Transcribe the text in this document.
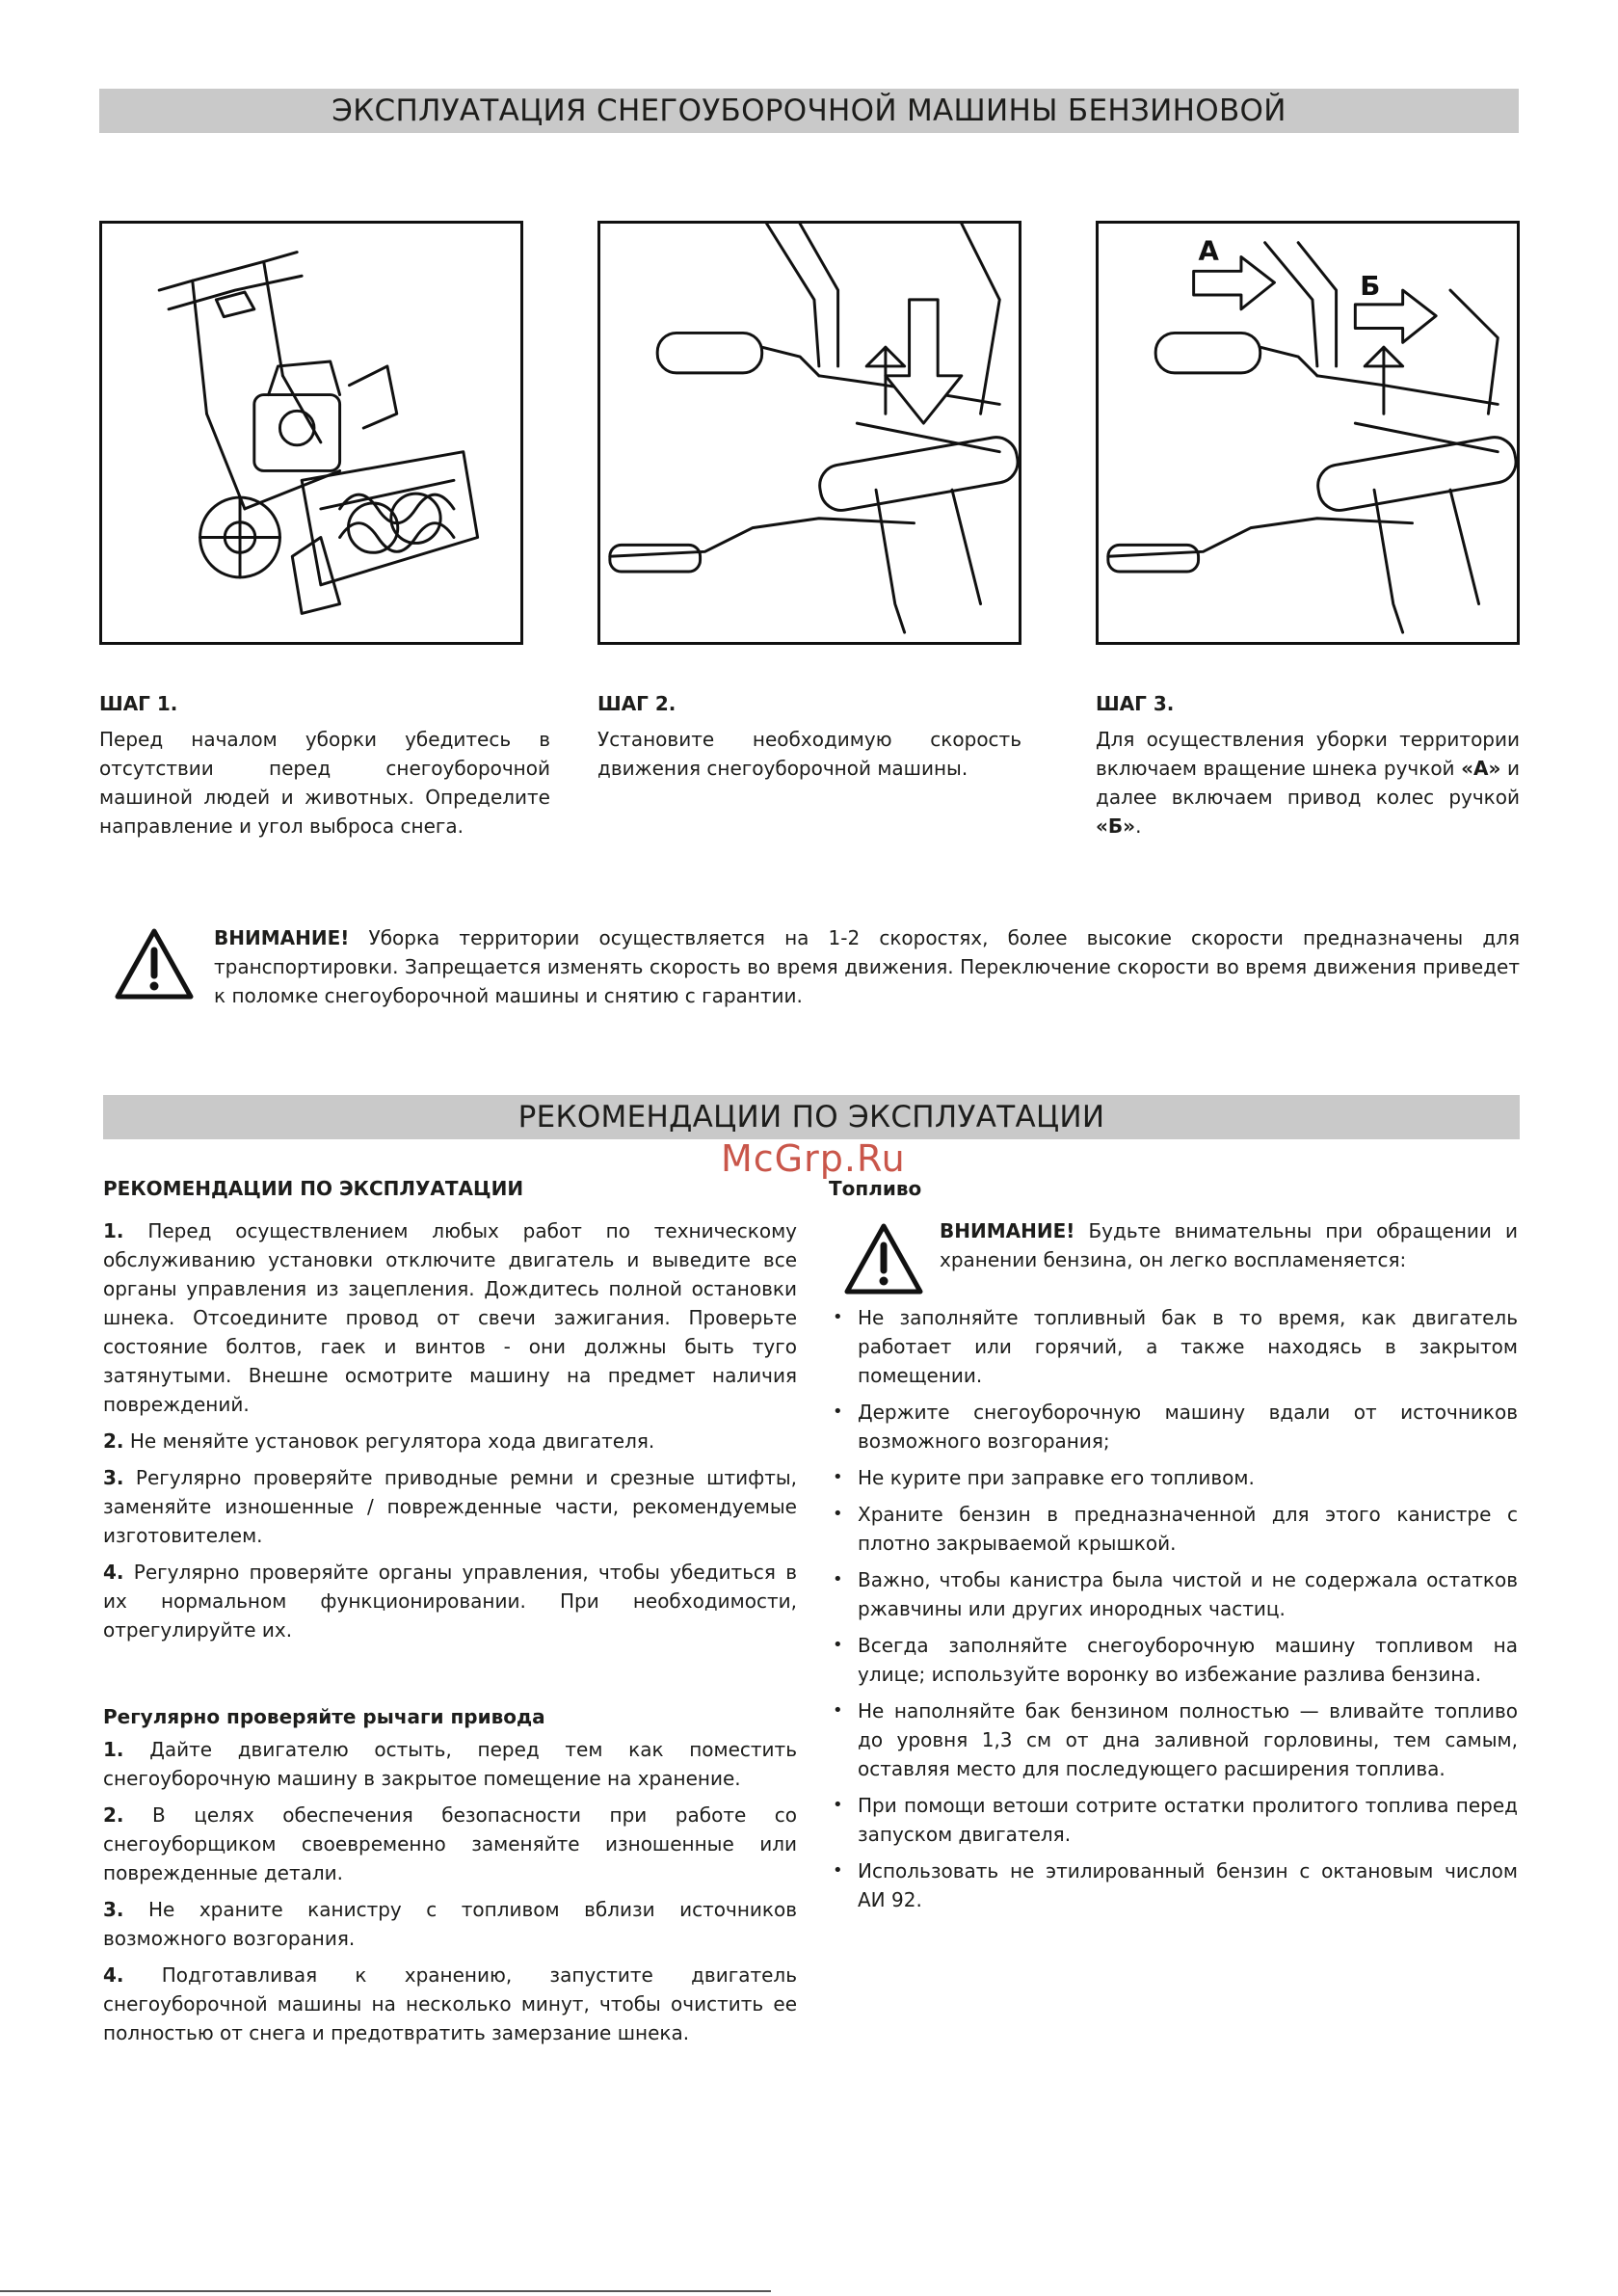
ЭКСПЛУАТАЦИЯ СНЕГОУБОРОЧНОЙ МАШИНЫ БЕНЗИНОВОЙ
А
Б
ШАГ 1.
Перед началом уборки убедитесь в отсутствии перед снегоуборочной машиной людей и животных. Определите направление и угол выброса снега.
ШАГ 2.
Установите необходимую скорость движения снегоуборочной машины.
ШАГ 3.
Для осуществления уборки территории включаем вращение шнека ручкой «А» и далее включаем привод колес ручкой «Б».
ВНИМАНИЕ! Уборка территории осуществляется на 1-2 скоростях, более высокие скорости предназначены для транспортировки. Запрещается изменять скорость во время движения. Переключение скорости во время движения приведет к поломке снегоуборочной машины и снятию с гарантии.
РЕКОМЕНДАЦИИ ПО ЭКСПЛУАТАЦИИ
McGrp.Ru

РЕКОМЕНДАЦИИ ПО ЭКСПЛУАТАЦИИ

1. Перед осуществлением любых работ по техническому обслуживанию установки отключите двигатель и выведите все органы управления из зацепления. Дождитесь полной остановки шнека. Отсоедините провод от свечи зажигания. Проверьте состояние болтов, гаек и винтов - они должны быть туго затянутыми. Внешне осмотрите машину на предмет наличия повреждений.

2. Не меняйте установок регулятора хода двигателя.

3. Регулярно проверяйте приводные ремни и срезные штифты, заменяйте изношенные / поврежденные части, рекомендуемые изготовителем.

4. Регулярно проверяйте органы управления, чтобы убедиться в их нормальном функционировании. При необходимости, отрегулируйте их.

Регулярно проверяйте рычаги привода

1. Дайте двигателю остыть, перед тем как поместить снегоуборочную машину в закрытое помещение на хранение.

2. В целях обеспечения безопасности при работе со снегоуборщиком своевременно заменяйте изношенные или поврежденные детали.

3. Не храните канистру с топливом вблизи источников возможного возгорания.

4. Подготавливая к хранению, запустите двигатель снегоуборочной машины на несколько минут, чтобы очистить ее полностью от снега и предотвратить замерзание шнека.

Топливо

ВНИМАНИЕ! Будьте внимательны при обращении и хранении бензина, он легко воспламеняется:

• Не заполняйте топливный бак в то время, как двигатель работает или горячий, а также находясь в закрытом помещении.
• Держите снегоуборочную машину вдали от источников возможного возгорания;
• Не курите при заправке его топливом.
• Храните бензин в предназначенной для этого канистре с плотно закрываемой крышкой.
• Важно, чтобы канистра была чистой и не содержала остатков ржавчины или других инородных частиц.
• Всегда заполняйте снегоуборочную машину топливом на улице; используйте воронку во избежание разлива бензина.
• Не наполняйте бак бензином полностью — вливайте топливо до уровня 1,3 см от дна заливной горловины, тем самым, оставляя место для последующего расширения топлива.
• При помощи ветоши сотрите остатки пролитого топлива перед запуском двигателя.
• Использовать не этилированный бензин с октановым числом АИ 92.
